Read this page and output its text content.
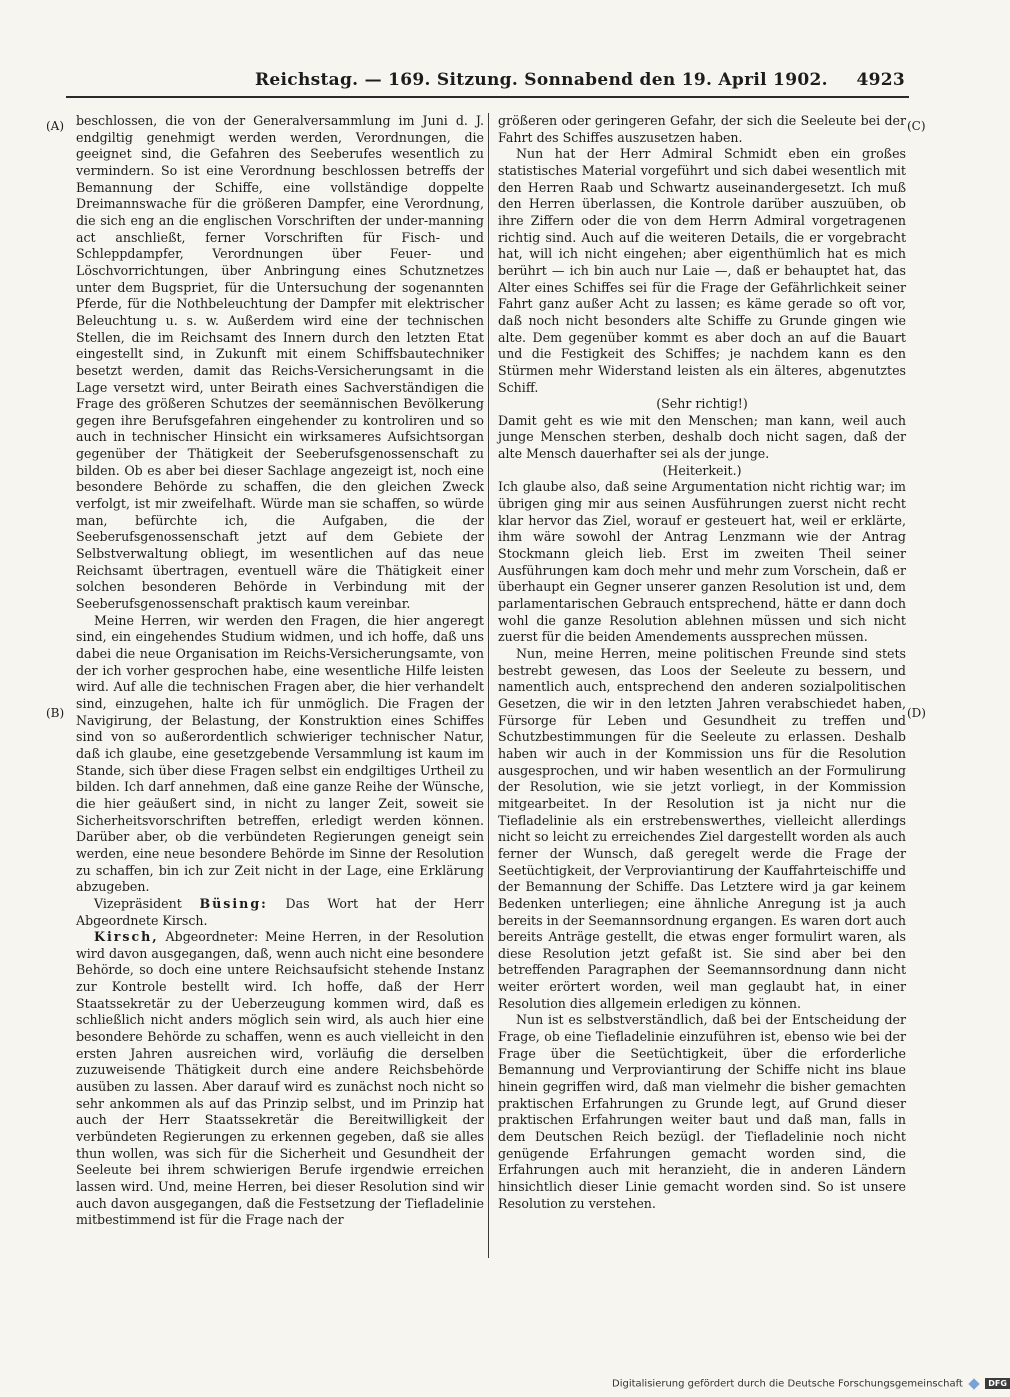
Reichstag. — 169. Sitzung. Sonnabend den 19. April 1902. 4923
(A)
(B)
(C)
(D)

beschlossen, die von der Generalversammlung im Juni d. J. endgiltig genehmigt werden werden, Verordnungen, die geeignet sind, die Gefahren des Seeberufes wesentlich zu vermindern. So ist eine Verordnung beschlossen betreffs der Bemannung der Schiffe, eine vollständige doppelte Dreimannswache für die größeren Dampfer, eine Verordnung, die sich eng an die englischen Vorschriften der under-manning act anschließt, ferner Vorschriften für Fisch- und Schleppdampfer, Verordnungen über Feuer- und Löschvorrichtungen, über Anbringung eines Schutznetzes unter dem Bugspriet, für die Untersuchung der sogenannten Pferde, für die Nothbeleuchtung der Dampfer mit elektrischer Beleuchtung u. s. w. Außerdem wird eine der technischen Stellen, die im Reichsamt des Innern durch den letzten Etat eingestellt sind, in Zukunft mit einem Schiffsbautechniker besetzt werden, damit das Reichs-Versicherungsamt in die Lage versetzt wird, unter Beirath eines Sachverständigen die Frage des größeren Schutzes der seemännischen Bevölkerung gegen ihre Berufsgefahren eingehender zu kontroliren und so auch in technischer Hinsicht ein wirksameres Aufsichtsorgan gegenüber der Thätigkeit der Seeberufsgenossenschaft zu bilden. Ob es aber bei dieser Sachlage angezeigt ist, noch eine besondere Behörde zu schaffen, die den gleichen Zweck verfolgt, ist mir zweifelhaft. Würde man sie schaffen, so würde man, befürchte ich, die Aufgaben, die der Seeberufsgenossenschaft jetzt auf dem Gebiete der Selbstverwaltung obliegt, im wesentlichen auf das neue Reichsamt übertragen, eventuell wäre die Thätigkeit einer solchen besonderen Behörde in Verbindung mit der Seeberufsgenossenschaft praktisch kaum vereinbar.

Meine Herren, wir werden den Fragen, die hier angeregt sind, ein eingehendes Studium widmen, und ich hoffe, daß uns dabei die neue Organisation im Reichs-Versicherungsamte, von der ich vorher gesprochen habe, eine wesentliche Hilfe leisten wird. Auf alle die technischen Fragen aber, die hier verhandelt sind, einzugehen, halte ich für unmöglich. Die Fragen der Navigirung, der Belastung, der Konstruktion eines Schiffes sind von so außerordentlich schwieriger technischer Natur, daß ich glaube, eine gesetzgebende Versammlung ist kaum im Stande, sich über diese Fragen selbst ein endgiltiges Urtheil zu bilden. Ich darf annehmen, daß eine ganze Reihe der Wünsche, die hier geäußert sind, in nicht zu langer Zeit, soweit sie Sicherheitsvorschriften betreffen, erledigt werden können. Darüber aber, ob die verbündeten Regierungen geneigt sein werden, eine neue besondere Behörde im Sinne der Resolution zu schaffen, bin ich zur Zeit nicht in der Lage, eine Erklärung abzugeben.

Vizepräsident Büsing: Das Wort hat der Herr Abgeordnete Kirsch.

Kirsch, Abgeordneter: Meine Herren, in der Resolution wird davon ausgegangen, daß, wenn auch nicht eine besondere Behörde, so doch eine untere Reichsaufsicht stehende Instanz zur Kontrole bestellt wird. Ich hoffe, daß der Herr Staatssekretär zu der Ueberzeugung kommen wird, daß es schließlich nicht anders möglich sein wird, als auch hier eine besondere Behörde zu schaffen, wenn es auch vielleicht in den ersten Jahren ausreichen wird, vorläufig die derselben zuzuweisende Thätigkeit durch eine andere Reichsbehörde ausüben zu lassen. Aber darauf wird es zunächst noch nicht so sehr ankommen als auf das Prinzip selbst, und im Prinzip hat auch der Herr Staatssekretär die Bereitwilligkeit der verbündeten Regierungen zu erkennen gegeben, daß sie alles thun wollen, was sich für die Sicherheit und Gesundheit der Seeleute bei ihrem schwierigen Berufe irgendwie erreichen lassen wird. Und, meine Herren, bei dieser Resolution sind wir auch davon ausgegangen, daß die Festsetzung der Tiefladelinie mitbestimmend ist für die Frage nach der

größeren oder geringeren Gefahr, der sich die Seeleute bei der Fahrt des Schiffes auszusetzen haben.

Nun hat der Herr Admiral Schmidt eben ein großes statistisches Material vorgeführt und sich dabei wesentlich mit den Herren Raab und Schwartz auseinandergesetzt. Ich muß den Herren überlassen, die Kontrole darüber auszuüben, ob ihre Ziffern oder die von dem Herrn Admiral vorgetragenen richtig sind. Auch auf die weiteren Details, die er vorgebracht hat, will ich nicht eingehen; aber eigenthümlich hat es mich berührt — ich bin auch nur Laie —, daß er behauptet hat, das Alter eines Schiffes sei für die Frage der Gefährlichkeit seiner Fahrt ganz außer Acht zu lassen; es käme gerade so oft vor, daß noch nicht besonders alte Schiffe zu Grunde gingen wie alte. Dem gegenüber kommt es aber doch an auf die Bauart und die Festigkeit des Schiffes; je nachdem kann es den Stürmen mehr Widerstand leisten als ein älteres, abgenutztes Schiff.

(Sehr richtig!)

Damit geht es wie mit den Menschen; man kann, weil auch junge Menschen sterben, deshalb doch nicht sagen, daß der alte Mensch dauerhafter sei als der junge.

(Heiterkeit.)

Ich glaube also, daß seine Argumentation nicht richtig war; im übrigen ging mir aus seinen Ausführungen zuerst nicht recht klar hervor das Ziel, worauf er gesteuert hat, weil er erklärte, ihm wäre sowohl der Antrag Lenzmann wie der Antrag Stockmann gleich lieb. Erst im zweiten Theil seiner Ausführungen kam doch mehr und mehr zum Vorschein, daß er überhaupt ein Gegner unserer ganzen Resolution ist und, dem parlamentarischen Gebrauch entsprechend, hätte er dann doch wohl die ganze Resolution ablehnen müssen und sich nicht zuerst für die beiden Amendements aussprechen müssen.

Nun, meine Herren, meine politischen Freunde sind stets bestrebt gewesen, das Loos der Seeleute zu bessern, und namentlich auch, entsprechend den anderen sozialpolitischen Gesetzen, die wir in den letzten Jahren verabschiedet haben, Fürsorge für Leben und Gesundheit zu treffen und Schutzbestimmungen für die Seeleute zu erlassen. Deshalb haben wir auch in der Kommission uns für die Resolution ausgesprochen, und wir haben wesentlich an der Formulirung der Resolution, wie sie jetzt vorliegt, in der Kommission mitgearbeitet. In der Resolution ist ja nicht nur die Tiefladelinie als ein erstrebenswerthes, vielleicht allerdings nicht so leicht zu erreichendes Ziel dargestellt worden als auch ferner der Wunsch, daß geregelt werde die Frage der Seetüchtigkeit, der Verproviantirung der Kauffahrteischiffe und der Bemannung der Schiffe. Das Letztere wird ja gar keinem Bedenken unterliegen; eine ähnliche Anregung ist ja auch bereits in der Seemannsordnung ergangen. Es waren dort auch bereits Anträge gestellt, die etwas enger formulirt waren, als diese Resolution jetzt gefaßt ist. Sie sind aber bei den betreffenden Paragraphen der Seemannsordnung dann nicht weiter erörtert worden, weil man geglaubt hat, in einer Resolution dies allgemein erledigen zu können.

Nun ist es selbstverständlich, daß bei der Entscheidung der Frage, ob eine Tiefladelinie einzuführen ist, ebenso wie bei der Frage über die Seetüchtigkeit, über die erforderliche Bemannung und Verproviantirung der Schiffe nicht ins blaue hinein gegriffen wird, daß man vielmehr die bisher gemachten praktischen Erfahrungen zu Grunde legt, auf Grund dieser praktischen Erfahrungen weiter baut und daß man, falls in dem Deutschen Reich bezügl. der Tiefladelinie noch nicht genügende Erfahrungen gemacht worden sind, die Erfahrungen auch mit heranzieht, die in anderen Ländern hinsichtlich dieser Linie gemacht worden sind. So ist unsere Resolution zu verstehen.

Digitalisierung gefördert durch die Deutsche Forschungsgemeinschaft	DFG
